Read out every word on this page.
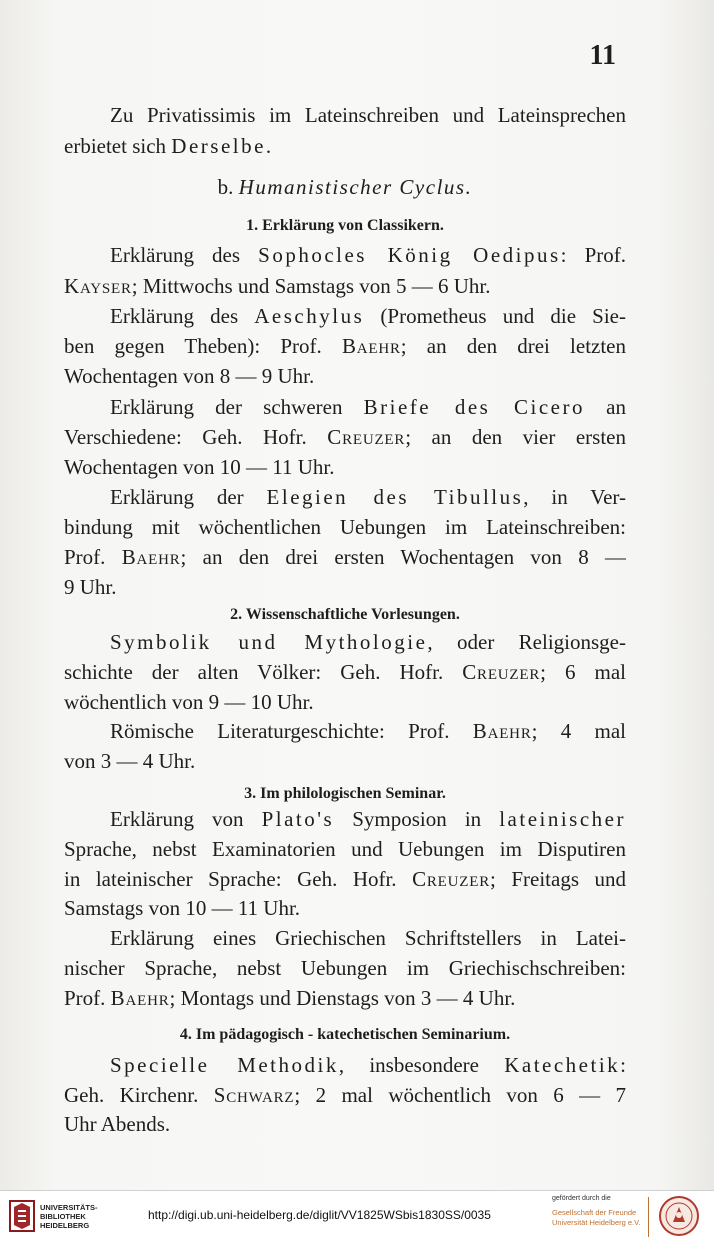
11
Zu Privatissimis im Lateinschreiben und Lateinsprechen
erbietet sich Derselbe.
b. Humanistischer Cyclus.
1. Erklärung von Classikern.
Erklärung des Sophocles König Oedipus: Prof.
Kayser; Mittwochs und Samstags von 5 — 6 Uhr.
Erklärung des Aeschylus (Prometheus und die Sie-
ben gegen Theben): Prof. Baehr; an den drei letzten
Wochentagen von 8 — 9 Uhr.
Erklärung der schweren Briefe des Cicero an
Verschiedene: Geh. Hofr. Creuzer; an den vier ersten
Wochentagen von 10 — 11 Uhr.
Erklärung der Elegien des Tibullus, in Ver-
bindung mit wöchentlichen Uebungen im Lateinschreiben:
Prof. Baehr; an den drei ersten Wochentagen von 8 —
9 Uhr.
2. Wissenschaftliche Vorlesungen.
Symbolik und Mythologie, oder Religionsge-
schichte der alten Völker: Geh. Hofr. Creuzer; 6 mal
wöchentlich von 9 — 10 Uhr.
Römische Literaturgeschichte: Prof. Baehr; 4 mal
von 3 — 4 Uhr.
3. Im philologischen Seminar.
Erklärung von Plato's Symposion in lateinischer
Sprache, nebst Examinatorien und Uebungen im Disputiren
in lateinischer Sprache: Geh. Hofr. Creuzer; Freitags und
Samstags von 10 — 11 Uhr.
Erklärung eines Griechischen Schriftstellers in Latei-
nischer Sprache, nebst Uebungen im Griechischschreiben:
Prof. Baehr; Montags und Dienstags von 3 — 4 Uhr.
4. Im pädagogisch - katechetischen Seminarium.
Specielle Methodik, insbesondere Katechetik:
Geh. Kirchenr. Schwarz; 2 mal wöchentlich von 6 — 7
Uhr Abends.
UNIVERSITÄTS-
BIBLIOTHEK
HEIDELBERG
http://digi.ub.uni-heidelberg.de/diglit/VV1825WSbis1830SS/0035
gefördert durch die
Gesellschaft der Freunde
Universität Heidelberg e.V.
